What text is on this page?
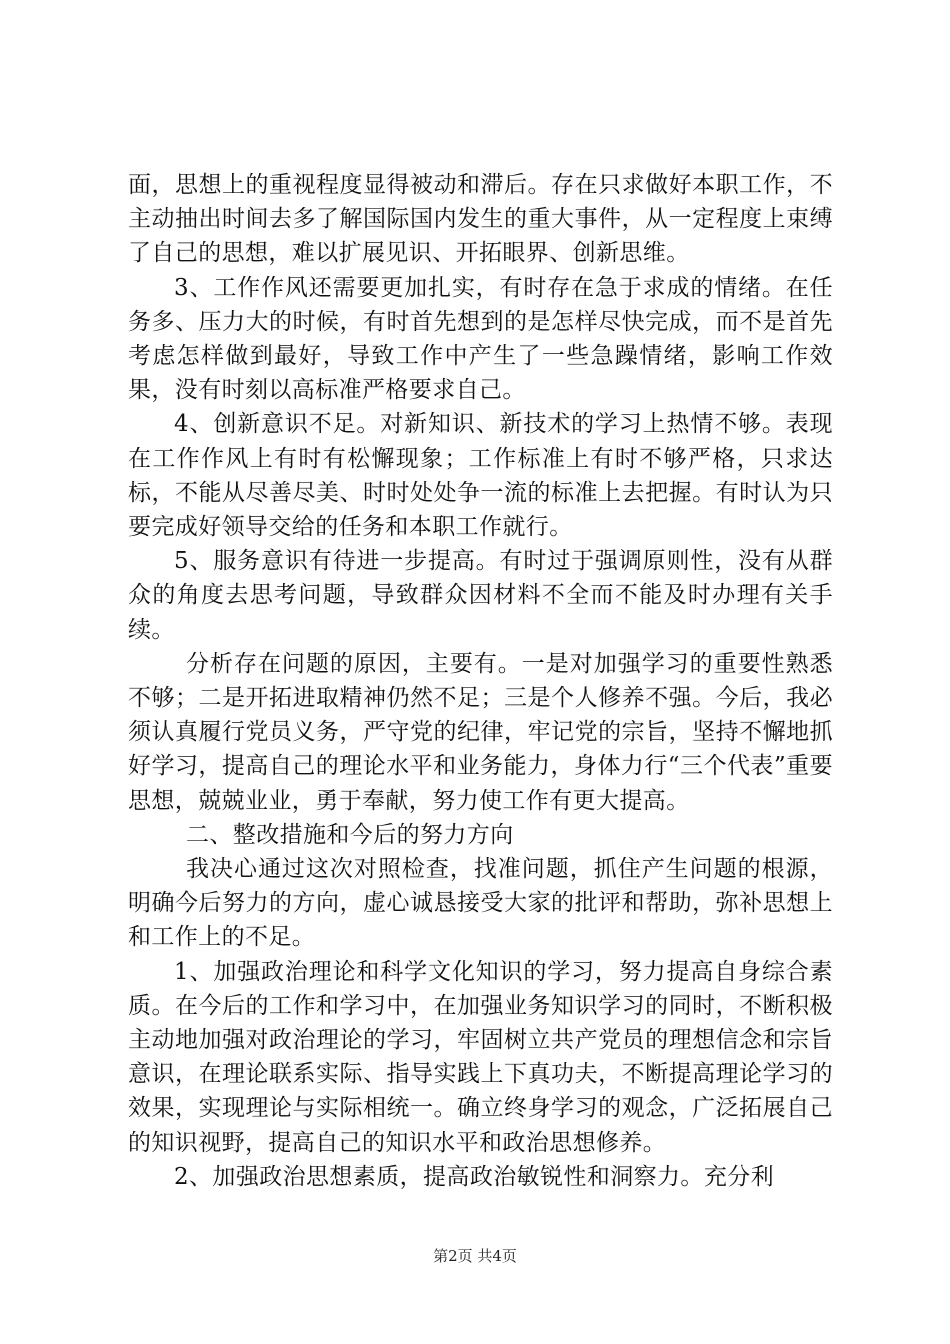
面，思想上的重视程度显得被动和滞后。存在只求做好本职工作，不主动抽出时间去多了解国际国内发生的重大事件，从一定程度上束缚了自己的思想，难以扩展见识、开拓眼界、创新思维。

3、工作作风还需要更加扎实，有时存在急于求成的情绪。在任务多、压力大的时候，有时首先想到的是怎样尽快完成，而不是首先考虑怎样做到最好，导致工作中产生了一些急躁情绪，影响工作效果，没有时刻以高标准严格要求自己。

4、创新意识不足。对新知识、新技术的学习上热情不够。表现在工作作风上有时有松懈现象；工作标准上有时不够严格，只求达标，不能从尽善尽美、时时处处争一流的标准上去把握。有时认为只要完成好领导交给的任务和本职工作就行。

5、服务意识有待进一步提高。有时过于强调原则性，没有从群众的角度去思考问题，导致群众因材料不全而不能及时办理有关手续。

分析存在问题的原因，主要有。一是对加强学习的重要性熟悉不够；二是开拓进取精神仍然不足；三是个人修养不强。今后，我必须认真履行党员义务，严守党的纪律，牢记党的宗旨，坚持不懈地抓好学习，提高自己的理论水平和业务能力，身体力行“三个代表”重要思想，兢兢业业，勇于奉献，努力使工作有更大提高。

二、整改措施和今后的努力方向

我决心通过这次对照检查，找准问题，抓住产生问题的根源，明确今后努力的方向，虚心诚恳接受大家的批评和帮助，弥补思想上和工作上的不足。

1、加强政治理论和科学文化知识的学习，努力提高自身综合素质。在今后的工作和学习中，在加强业务知识学习的同时，不断积极主动地加强对政治理论的学习，牢固树立共产党员的理想信念和宗旨意识，在理论联系实际、指导实践上下真功夫，不断提高理论学习的效果，实现理论与实际相统一。确立终身学习的观念，广泛拓展自己的知识视野，提高自己的知识水平和政治思想修养。

2、加强政治思想素质，提高政治敏锐性和洞察力。充分利

第2页 共4页
